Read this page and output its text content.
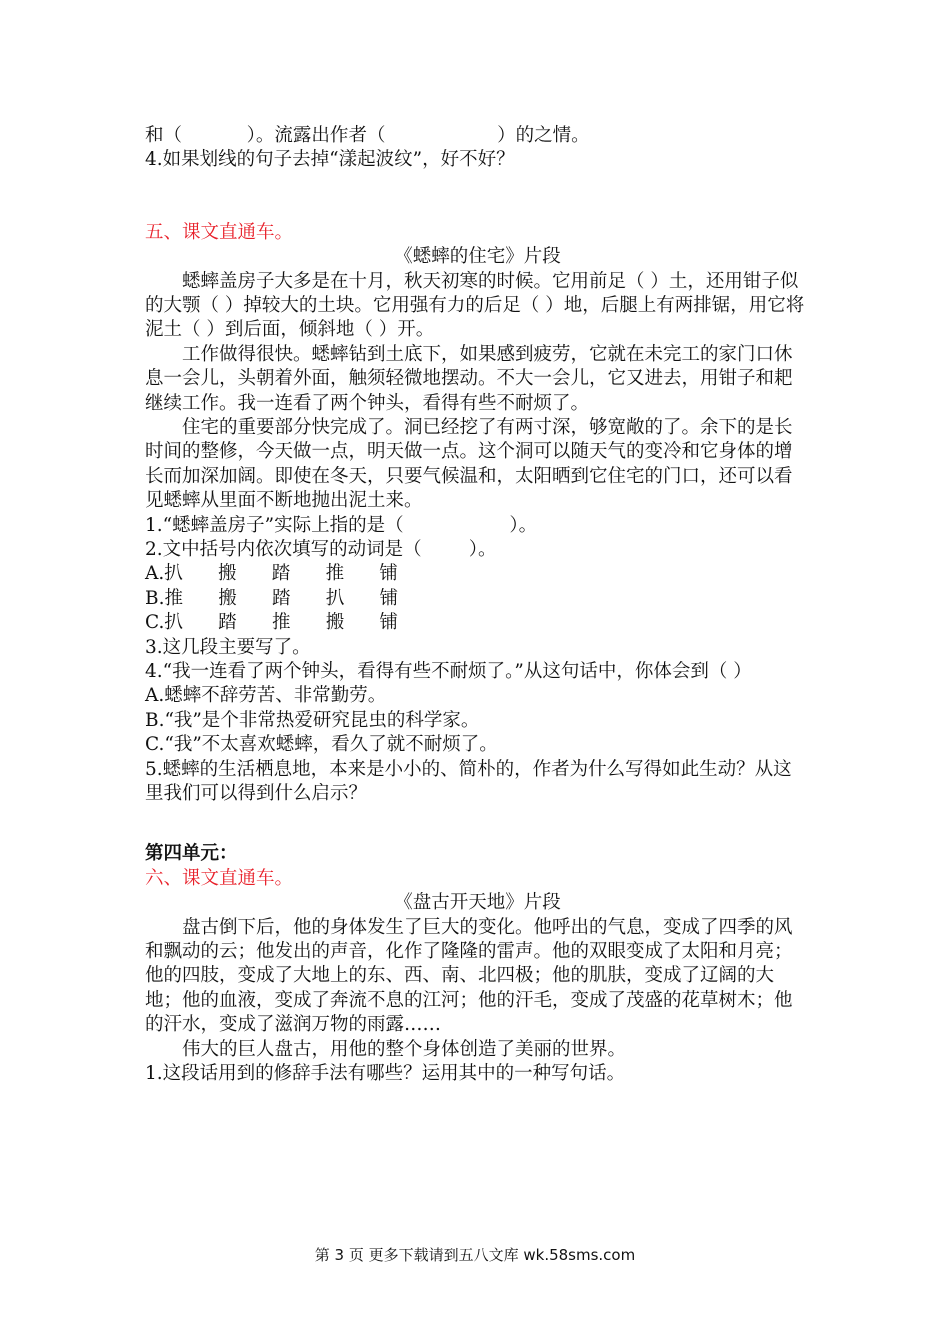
和（           ）。流露出作者（                   ）的之情。
4.如果划线的句子去掉“漾起波纹”，好不好？
五、课文直通车。
《蟋蟀的住宅》片段
蟋蟀盖房子大多是在十月，秋天初寒的时候。它用前足（ ）土，还用钳子似的大颚（ ）掉较大的土块。它用强有力的后足（ ）地，后腿上有两排锯，用它将泥土（ ）到后面，倾斜地（ ）开。
工作做得很快。蟋蟀钻到土底下，如果感到疲劳，它就在未完工的家门口休息一会儿，头朝着外面，触须轻微地摆动。不大一会儿，它又进去，用钳子和耙继续工作。我一连看了两个钟头，看得有些不耐烦了。
住宅的重要部分快完成了。洞已经挖了有两寸深，够宽敞的了。余下的是长时间的整修，今天做一点，明天做一点。这个洞可以随天气的变冷和它身体的增长而加深加阔。即使在冬天，只要气候温和，太阳晒到它住宅的门口，还可以看见蟋蟀从里面不断地抛出泥土来。
1.“蟋蟀盖房子”实际上指的是（                  ）。
2.文中括号内依次填写的动词是（        ）。
A.扒      搬      踏      推      铺
B.推      搬      踏      扒      铺
C.扒      踏      推      搬      铺
3.这几段主要写了。
4.“我一连看了两个钟头，看得有些不耐烦了。”从这句话中，你体会到（ ）
A.蟋蟀不辞劳苦、非常勤劳。
B.“我”是个非常热爱研究昆虫的科学家。
C.“我”不太喜欢蟋蟀，看久了就不耐烦了。
5.蟋蟀的生活栖息地，本来是小小的、简朴的，作者为什么写得如此生动？从这里我们可以得到什么启示？
第四单元：
六、课文直通车。
《盘古开天地》片段
盘古倒下后，他的身体发生了巨大的变化。他呼出的气息，变成了四季的风和飘动的云；他发出的声音，化作了隆隆的雷声。他的双眼变成了太阳和月亮；他的四肢，变成了大地上的东、西、南、北四极；他的肌肤，变成了辽阔的大地；他的血液，变成了奔流不息的江河；他的汗毛，变成了茂盛的花草树木；他的汗水，变成了滋润万物的雨露……
伟大的巨人盘古，用他的整个身体创造了美丽的世界。
1.这段话用到的修辞手法有哪些？运用其中的一种写句话。
第 3 页 更多下载请到五八文库 wk.58sms.com
